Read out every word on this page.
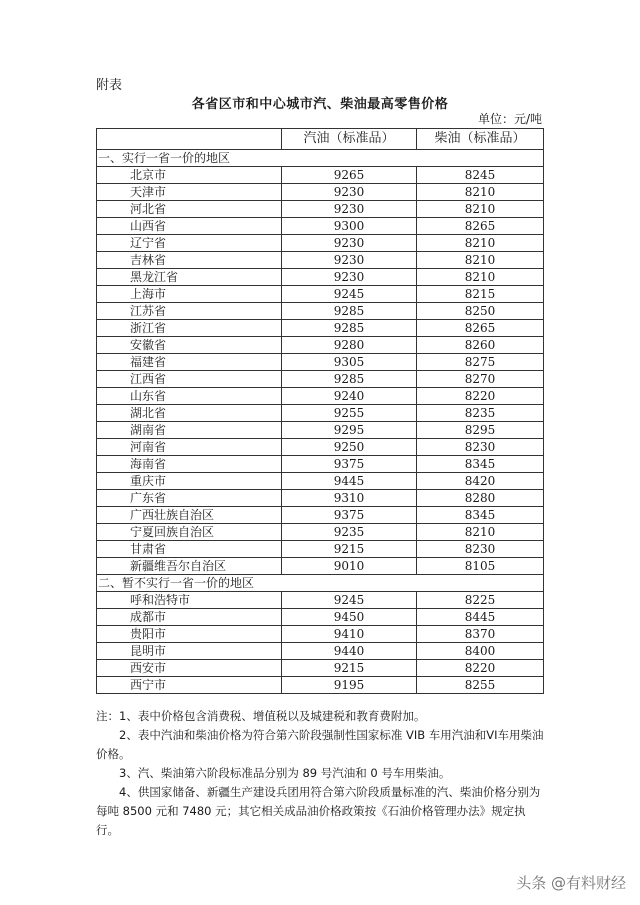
附表
各省区市和中心城市汽、柴油最高零售价格
单位：元/吨
	汽油（标准品）	柴油（标准品）
一、实行一省一价的地区		
北京市	9265	8245
天津市	9230	8210
河北省	9230	8210
山西省	9300	8265
辽宁省	9230	8210
吉林省	9230	8210
黑龙江省	9230	8210
上海市	9245	8215
江苏省	9285	8250
浙江省	9285	8265
安徽省	9280	8260
福建省	9305	8275
江西省	9285	8270
山东省	9240	8220
湖北省	9255	8235
湖南省	9295	8295
河南省	9250	8230
海南省	9375	8345
重庆市	9445	8420
广东省	9310	8280
广西壮族自治区	9375	8345
宁夏回族自治区	9235	8210
甘肃省	9215	8230
新疆维吾尔自治区	9010	8105
二、暂不实行一省一价的地区		
呼和浩特市	9245	8225
成都市	9450	8445
贵阳市	9410	8370
昆明市	9440	8400
西安市	9215	8220
西宁市	9195	8255

注：1、表中价格包含消费税、增值税以及城建税和教育费附加。

2、表中汽油和柴油价格为符合第六阶段强制性国家标准 VIB 车用汽油和VI车用柴油价格。

3、汽、柴油第六阶段标准品分别为 89 号汽油和 0 号车用柴油。

4、供国家储备、新疆生产建设兵团用符合第六阶段质量标准的汽、柴油价格分别为每吨 8500 元和 7480 元；其它相关成品油价格政策按《石油价格管理办法》规定执行。

头条 @有料财经
